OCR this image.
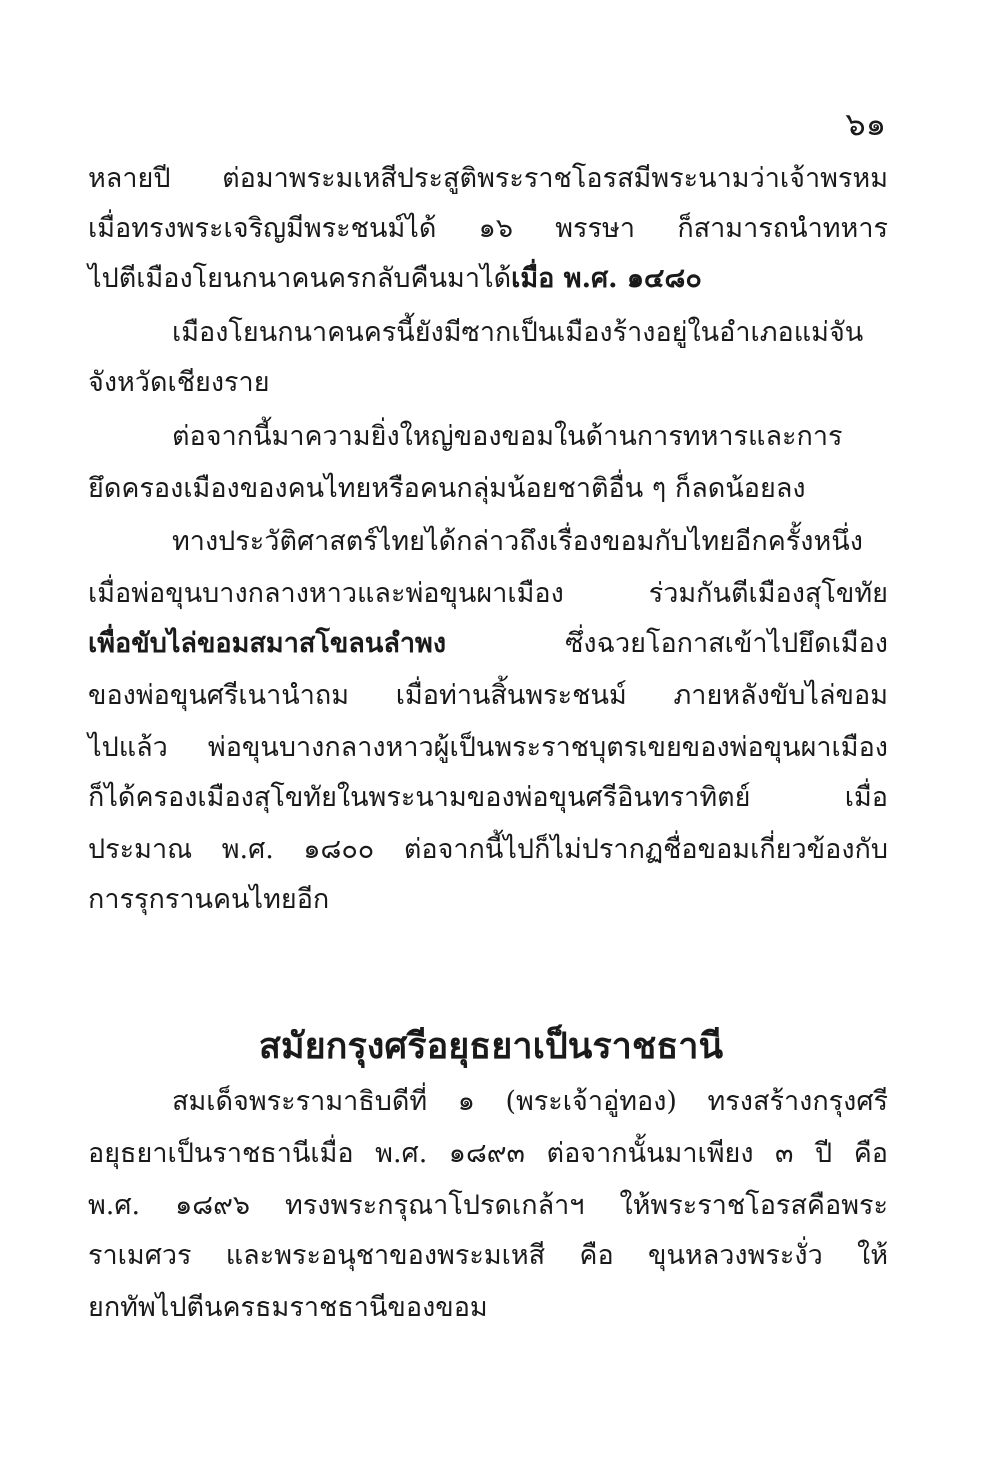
๖๑
หลายปี ต่อมาพระมเหสีประสูติพระราชโอรสมีพระนามว่าเจ้าพรหม
เมื่อทรงพระเจริญมีพระชนม์ได้ ๑๖ พรรษา ก็สามารถนำทหาร
ไปตีเมืองโยนกนาคนครกลับคืนมาได้เมื่อ พ.ศ. ๑๔๘๐
เมืองโยนกนาคนครนี้ยังมีซากเป็นเมืองร้างอยู่ในอำเภอแม่จัน
จังหวัดเชียงราย
ต่อจากนี้มาความยิ่งใหญ่ของขอมในด้านการทหารและการ
ยึดครองเมืองของคนไทยหรือคนกลุ่มน้อยชาติอื่น ๆ ก็ลดน้อยลง
ทางประวัติศาสตร์ไทยได้กล่าวถึงเรื่องขอมกับไทยอีกครั้งหนึ่ง
เมื่อพ่อขุนบางกลางหาวและพ่อขุนผาเมือง ร่วมกันตีเมืองสุโขทัย
เพื่อขับไล่ขอมสมาสโขลนลำพง	ซึ่งฉวยโอกาสเข้าไปยึดเมือง
ของพ่อขุนศรีเนานำถม เมื่อท่านสิ้นพระชนม์ ภายหลังขับไล่ขอม
ไปแล้ว พ่อขุนบางกลางหาวผู้เป็นพระราชบุตรเขยของพ่อขุนผาเมือง
ก็ได้ครองเมืองสุโขทัยในพระนามของพ่อขุนศรีอินทราทิตย์ เมื่อ
ประมาณ พ.ศ. ๑๘๐๐ ต่อจากนี้ไปก็ไม่ปรากฏชื่อขอมเกี่ยวข้องกับ
การรุกรานคนไทยอีก
สมัยกรุงศรีอยุธยาเป็นราชธานี
สมเด็จพระรามาธิบดีที่ ๑ (พระเจ้าอู่ทอง) ทรงสร้างกรุงศรี
อยุธยาเป็นราชธานีเมื่อ พ.ศ. ๑๘๙๓ ต่อจากนั้นมาเพียง ๓ ปี คือ
พ.ศ. ๑๘๙๖ ทรงพระกรุณาโปรดเกล้าฯ ให้พระราชโอรสคือพระ
ราเมศวร และพระอนุชาของพระมเหสี คือ ขุนหลวงพระงั่ว ให้
ยกทัพไปตีนครธมราชธานีของขอม
